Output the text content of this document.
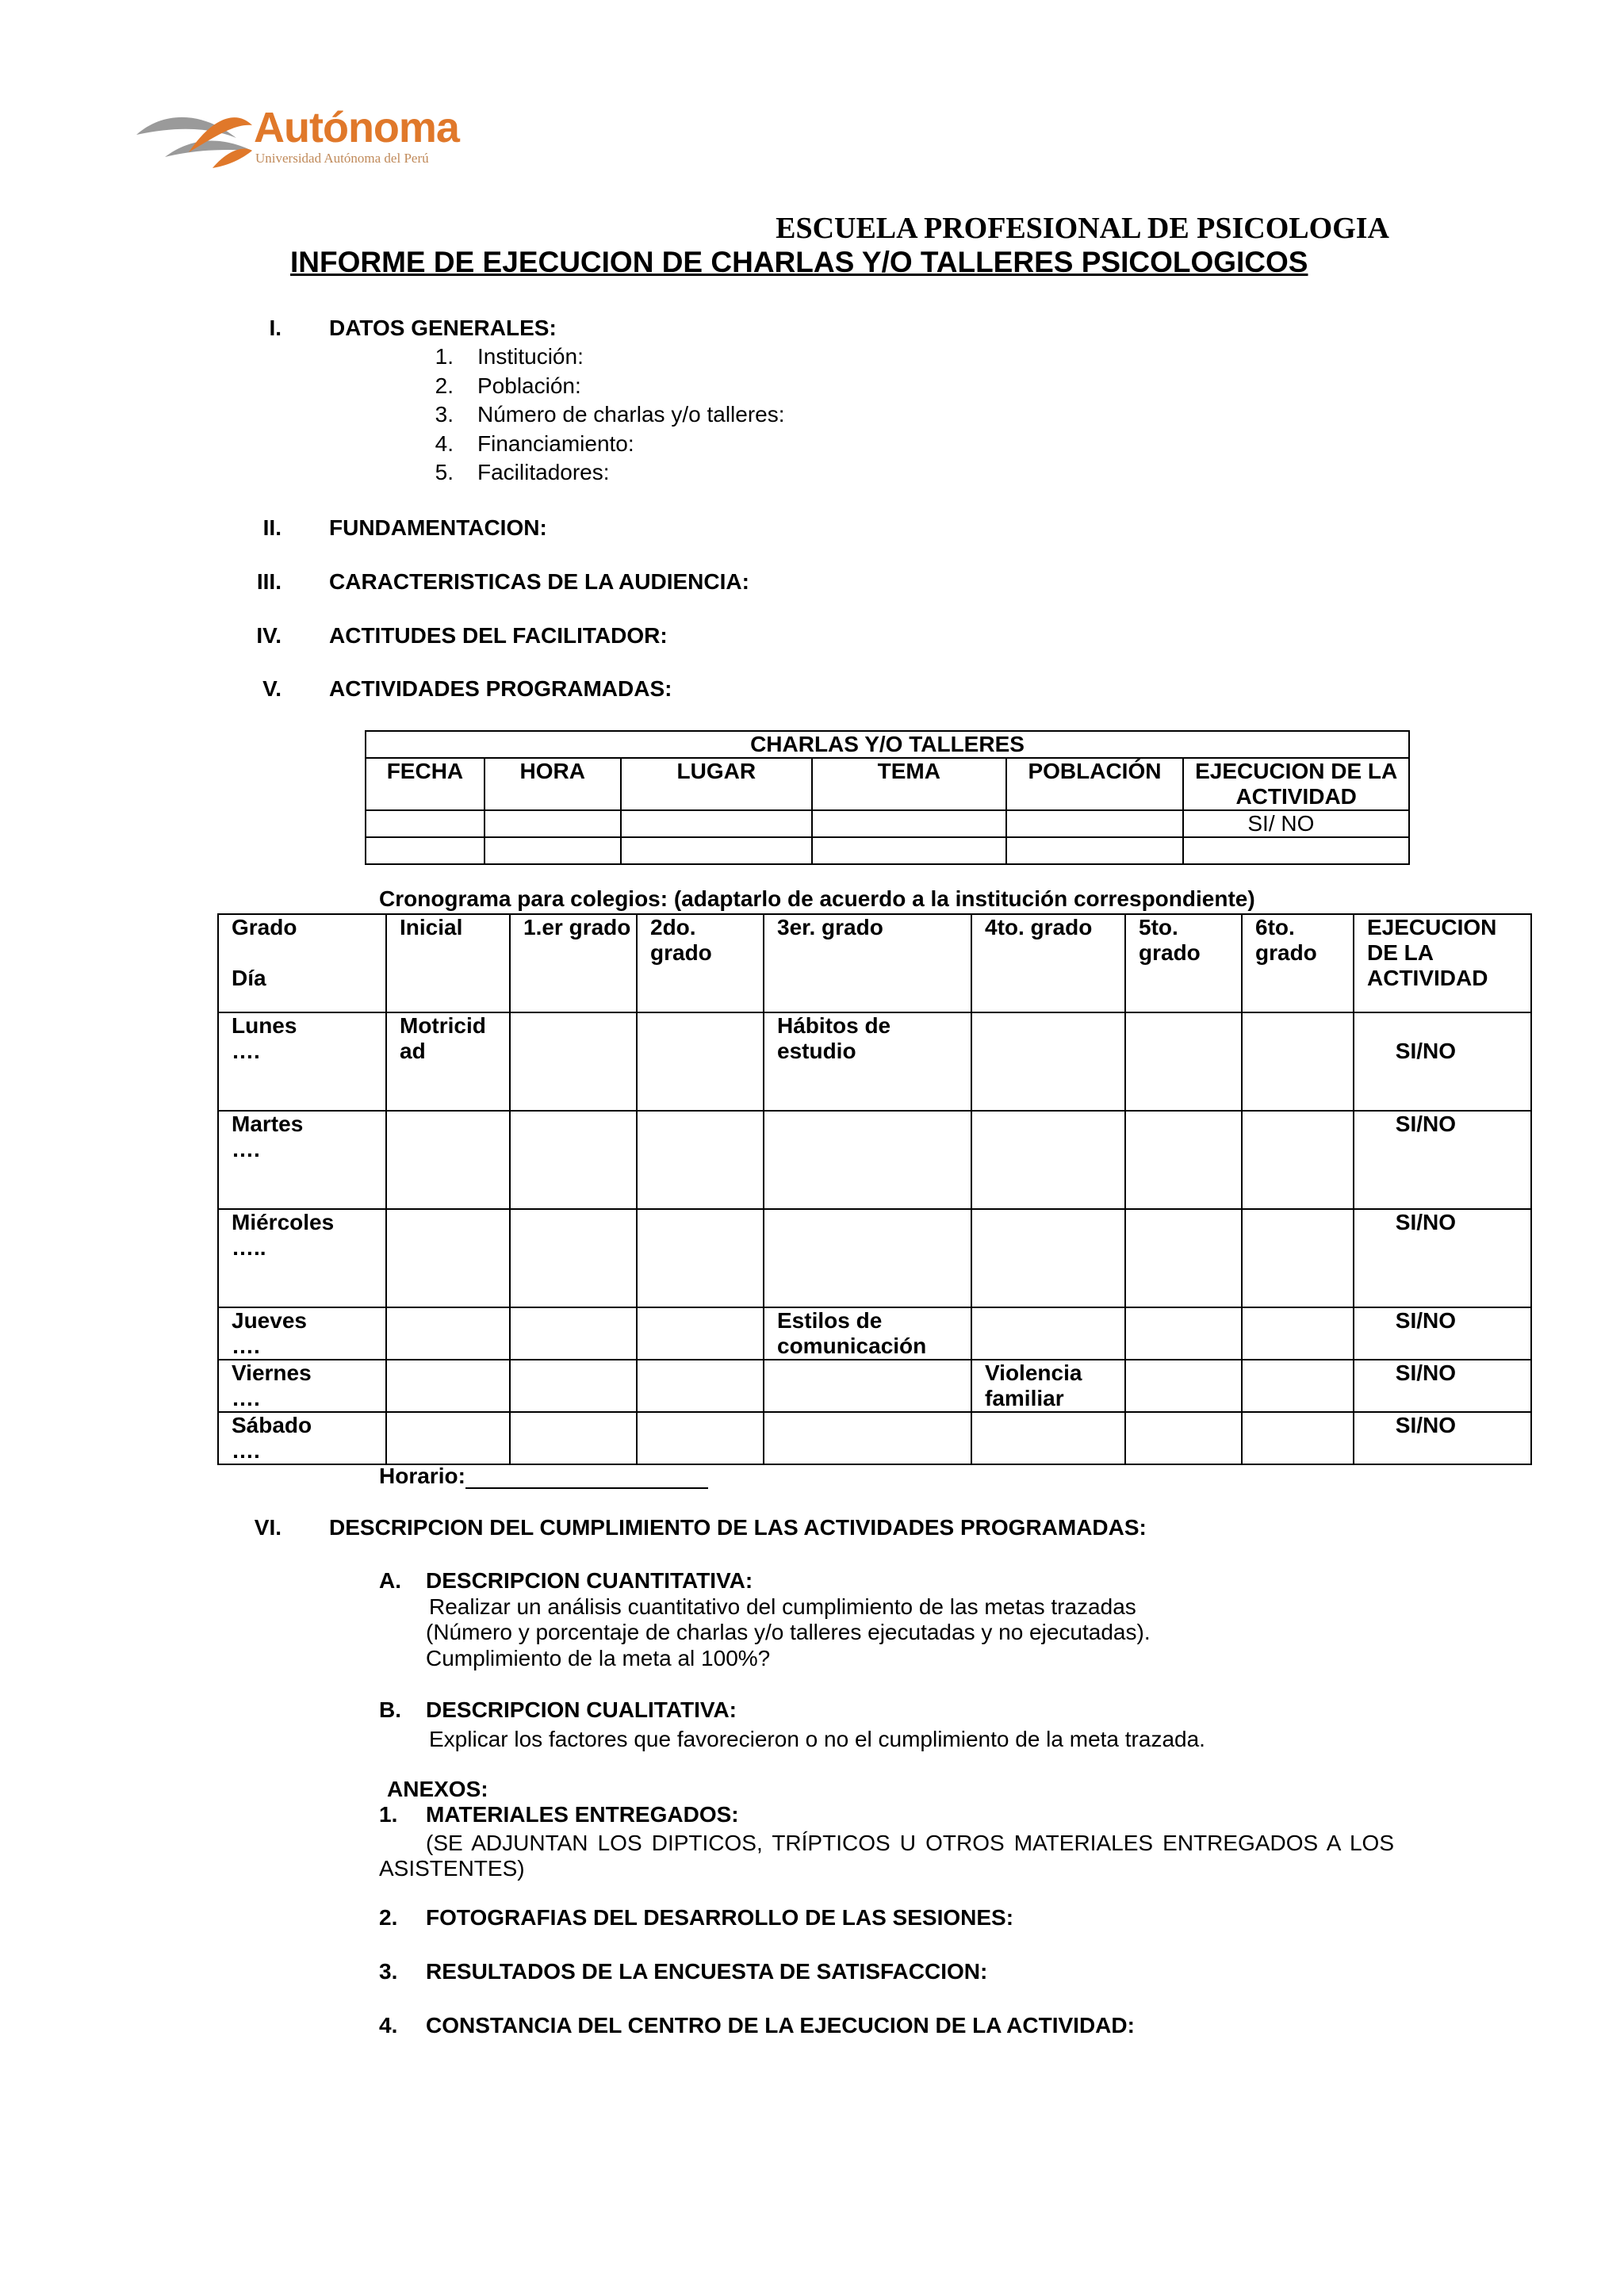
Autónoma
Universidad Autónoma del Perú
ESCUELA PROFESIONAL DE PSICOLOGIA
INFORME DE EJECUCION DE CHARLAS Y/O TALLERES PSICOLOGICOS
I. DATOS GENERALES:
1. Institución:
2. Población:
3. Número de charlas y/o talleres:
4. Financiamiento:
5. Facilitadores:
II. FUNDAMENTACION:
III. CARACTERISTICAS DE LA AUDIENCIA:
IV. ACTITUDES DEL FACILITADOR:
V. ACTIVIDADES PROGRAMADAS:
CHARLAS Y/O TALLERES					
FECHA	HORA	LUGAR	TEMA	POBLACIÓN	EJECUCION DE LA ACTIVIDAD
					SI/ NO

Cronograma para colegios: (adaptarlo de acuerdo a la institución correspondiente)
Grado

Día	Inicial	1.er grado	2do. grado	3er. grado	4to. grado	5to. grado	6to. grado	EJECUCION DE LA ACTIVIDAD
Lunes
….	Motricid ad			Hábitos de estudio				SI/NO
Martes
….								SI/NO
Miércoles
…..								SI/NO
Jueves
….				Estilos de comunicación				SI/NO
Viernes
….					Violencia familiar			SI/NO
Sábado
….								SI/NO
Horario:
VI. DESCRIPCION DEL CUMPLIMIENTO DE LAS ACTIVIDADES PROGRAMADAS:
A. DESCRIPCION CUANTITATIVA:
Realizar un análisis cuantitativo del cumplimiento de las metas trazadas
(Número y porcentaje de charlas y/o talleres ejecutadas y no ejecutadas).
Cumplimiento de la meta al 100%?
B. DESCRIPCION CUALITATIVA:
Explicar los factores que favorecieron o no el cumplimiento de la meta trazada.
ANEXOS:
1. MATERIALES ENTREGADOS:
(SE ADJUNTAN LOS DIPTICOS, TRÍPTICOS U OTROS MATERIALES ENTREGADOS A LOS ASISTENTES)
2. FOTOGRAFIAS DEL DESARROLLO DE LAS SESIONES:
3. RESULTADOS DE LA ENCUESTA DE SATISFACCION:
4. CONSTANCIA DEL CENTRO DE LA EJECUCION DE LA ACTIVIDAD:
